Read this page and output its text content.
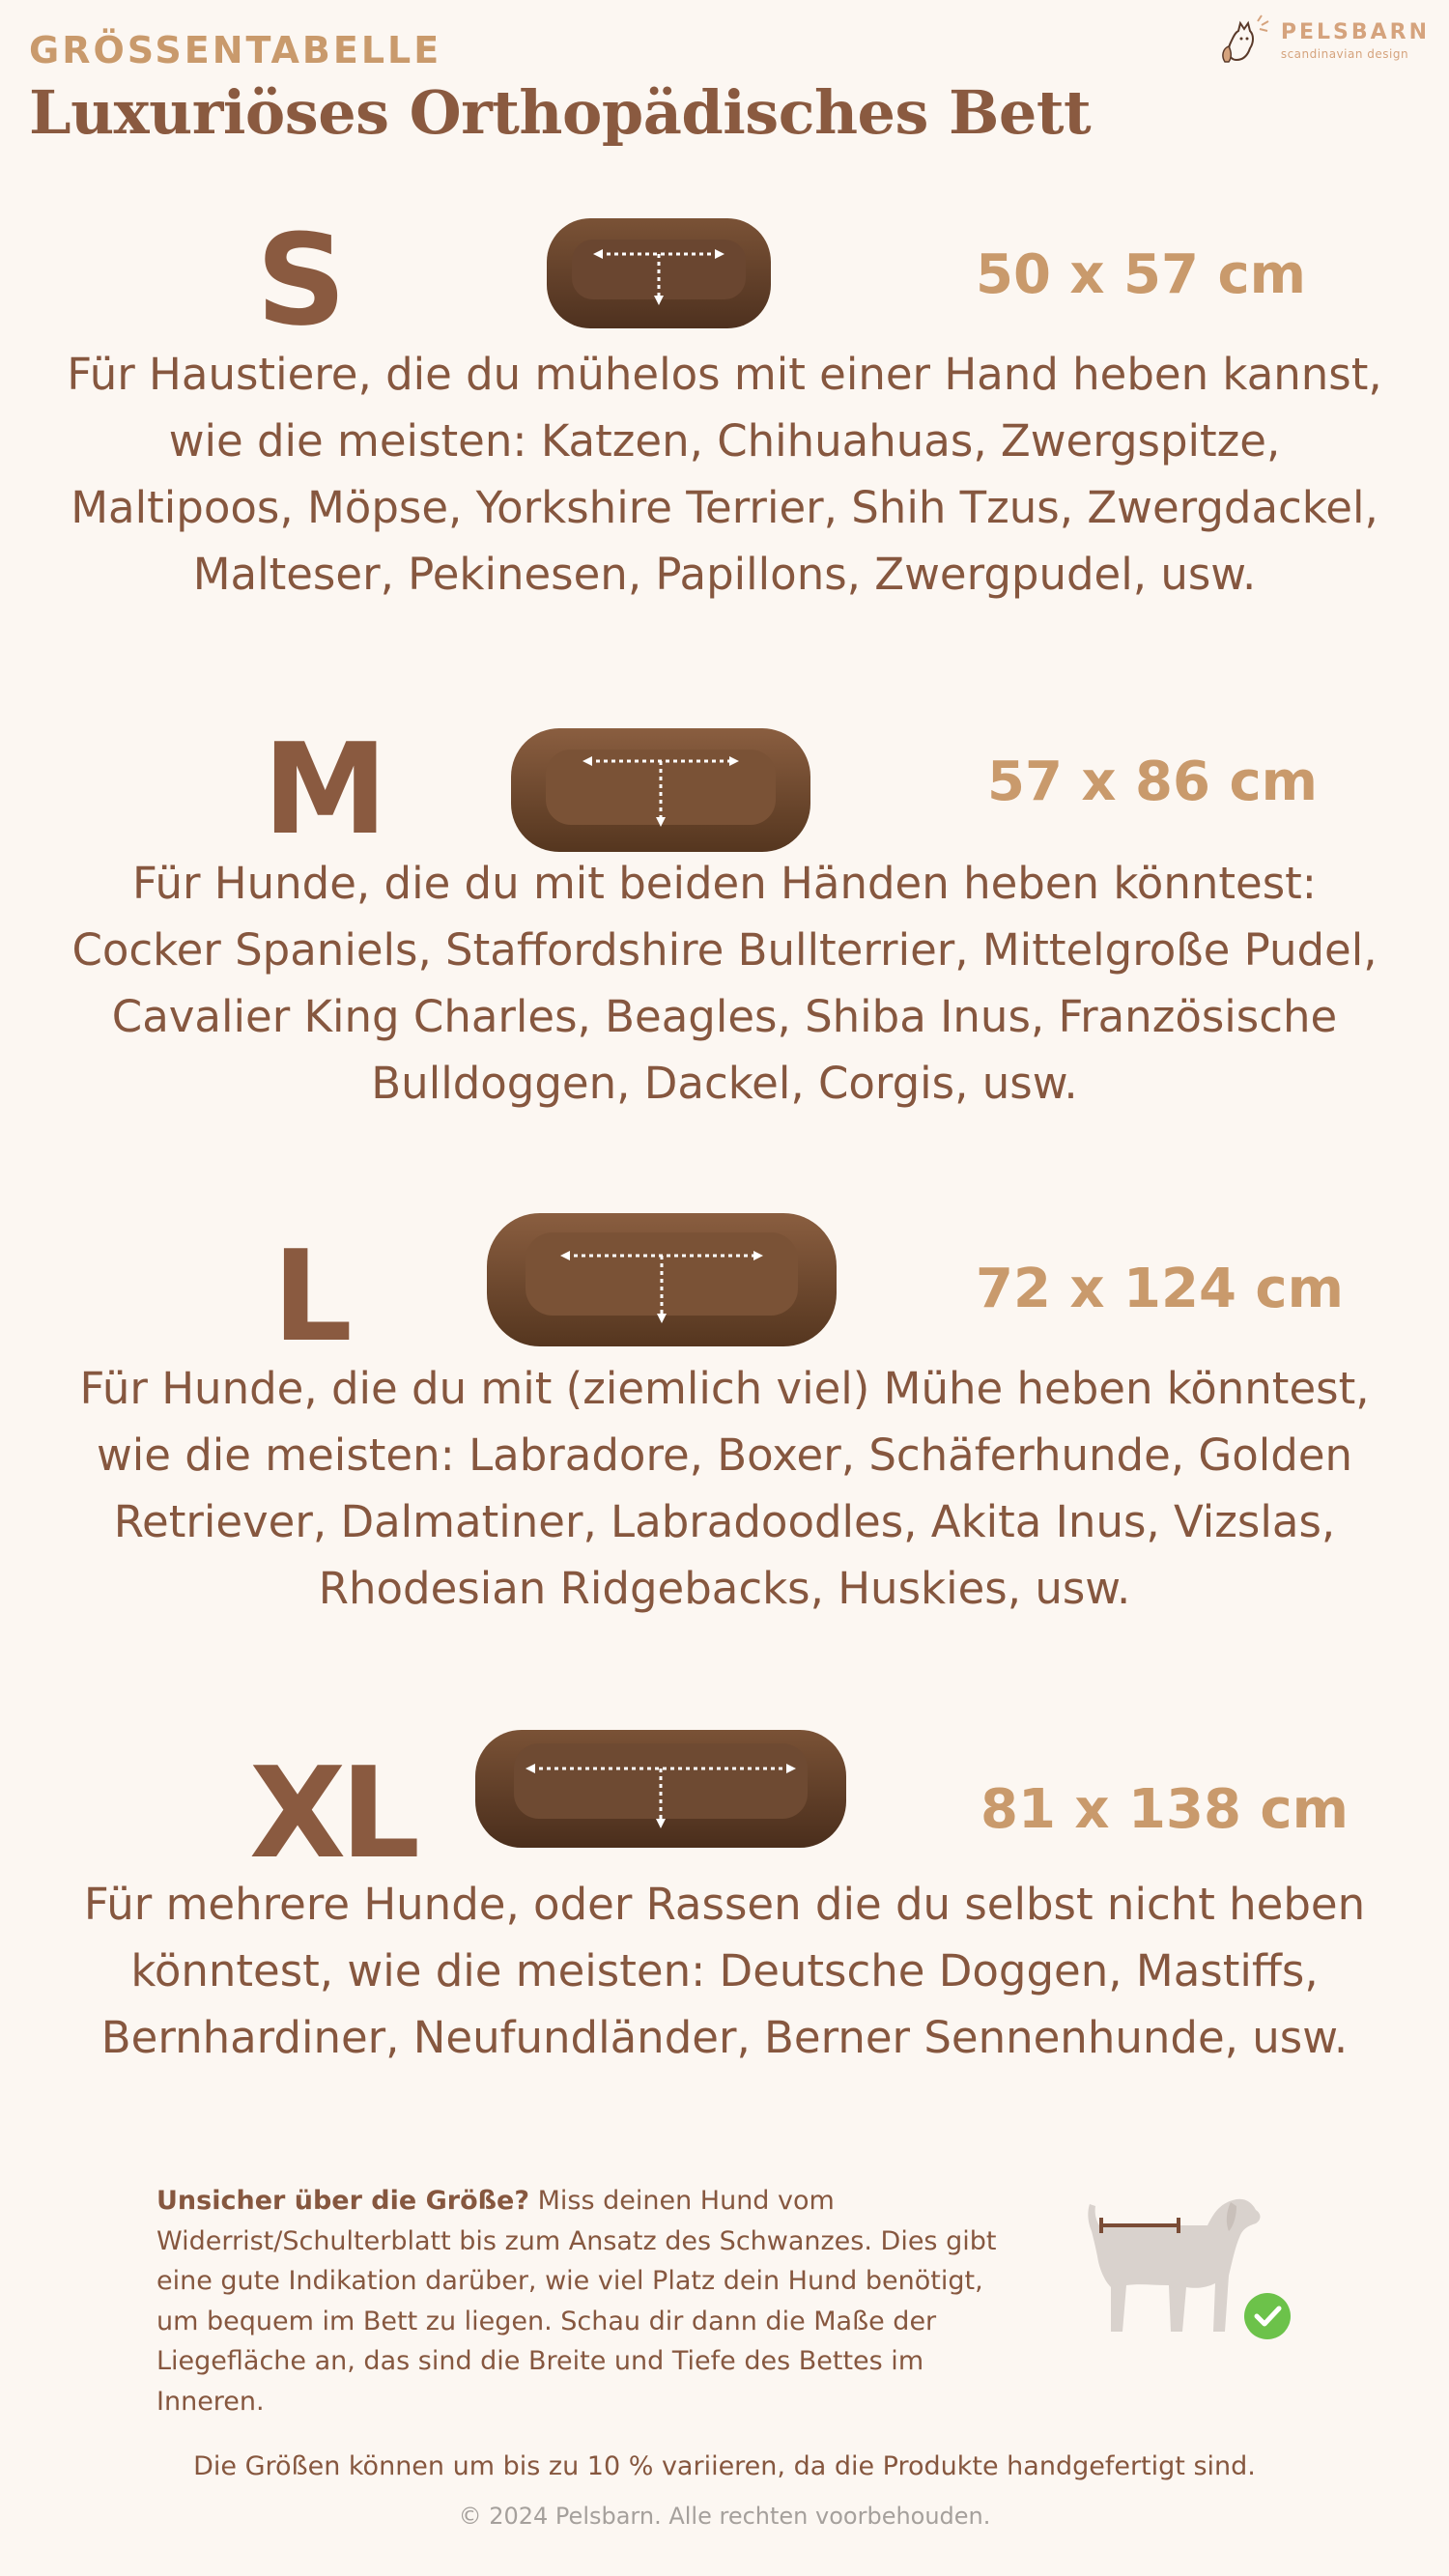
GRÖSSENTABELLE
Luxuriöses Orthopädisches Bett
PELSBARN
scandinavian design
S	50 x 57 cm
Für Haustiere, die du mühelos mit einer Hand heben kannst, wie die meisten: Katzen, Chihuahuas, Zwergspitze, Maltipoos, Möpse, Yorkshire Terrier, Shih Tzus, Zwergdackel, Malteser, Pekinesen, Papillons, Zwergpudel, usw.
M	57 x 86 cm
Für Hunde, die du mit beiden Händen heben könntest: Cocker Spaniels, Staffordshire Bullterrier, Mittelgroße Pudel, Cavalier King Charles, Beagles, Shiba Inus, Französische Bulldoggen, Dackel, Corgis, usw.
L	72 x 124 cm
Für Hunde, die du mit (ziemlich viel) Mühe heben könntest, wie die meisten: Labradore, Boxer, Schäferhunde, Golden Retriever, Dalmatiner, Labradoodles, Akita Inus, Vizslas, Rhodesian Ridgebacks, Huskies, usw.
XL	81 x 138 cm
Für mehrere Hunde, oder Rassen die du selbst nicht heben könntest, wie die meisten: Deutsche Doggen, Mastiffs, Bernhardiner, Neufundländer, Berner Sennenhunde, usw.
Unsicher über die Größe? Miss deinen Hund vom Widerrist/Schulterblatt bis zum Ansatz des Schwanzes. Dies gibt eine gute Indikation darüber, wie viel Platz dein Hund benötigt, um bequem im Bett zu liegen. Schau dir dann die Maße der Liegefläche an, das sind die Breite und Tiefe des Bettes im Inneren.
Die Größen können um bis zu 10 % variieren, da die Produkte handgefertigt sind.
© 2024 Pelsbarn. Alle rechten voorbehouden.
